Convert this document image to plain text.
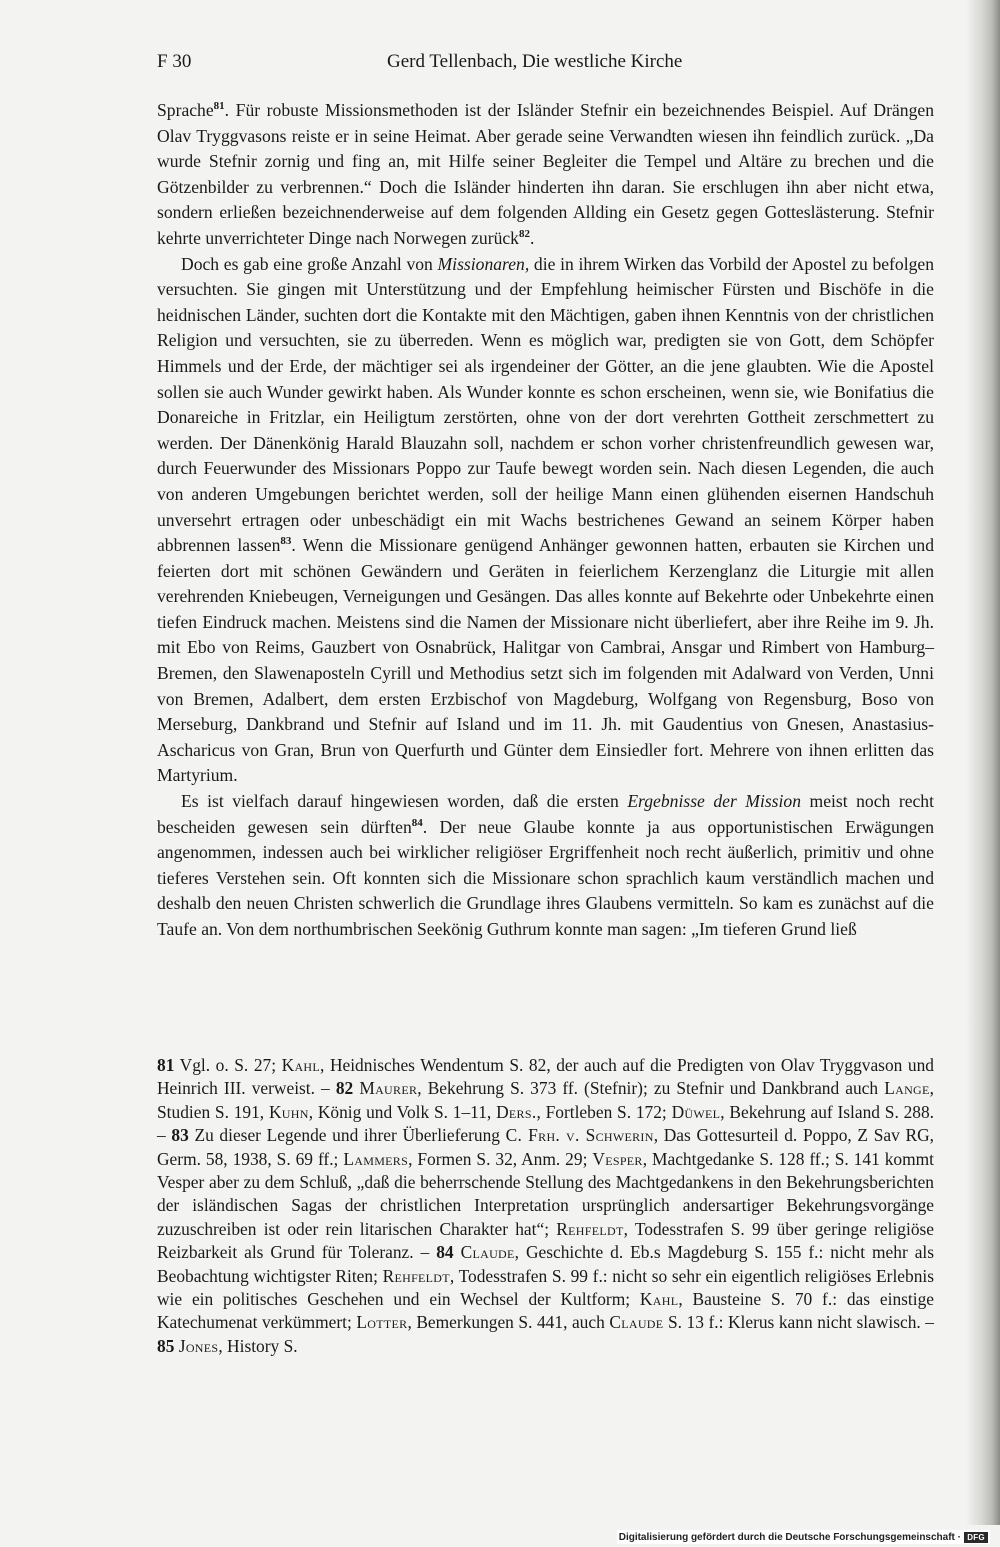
F 30	Gerd Tellenbach, Die westliche Kirche

Sprache$^{81}$. Für robuste Missionsmethoden ist der Isländer Stefnir ein bezeichnendes Beispiel. Auf Drängen Olav Tryggvasons reiste er in seine Heimat. Aber gerade seine Verwandten wiesen ihn feindlich zurück. „Da wurde Stefnir zornig und fing an, mit Hilfe seiner Begleiter die Tempel und Altäre zu brechen und die Götzenbilder zu verbrennen.“ Doch die Isländer hinderten ihn daran. Sie erschlugen ihn aber nicht etwa, sondern erließen bezeichnenderweise auf dem folgenden Allding ein Gesetz gegen Gotteslästerung. Stefnir kehrte unverrichteter Dinge nach Norwegen zurück$^{82}$.

Doch es gab eine große Anzahl von Missionaren, die in ihrem Wirken das Vorbild der Apostel zu befolgen versuchten. Sie gingen mit Unterstützung und der Empfehlung heimischer Fürsten und Bischöfe in die heidnischen Länder, suchten dort die Kontakte mit den Mächtigen, gaben ihnen Kenntnis von der christlichen Religion und versuchten, sie zu überreden. Wenn es möglich war, predigten sie von Gott, dem Schöpfer Himmels und der Erde, der mächtiger sei als irgendeiner der Götter, an die jene glaubten. Wie die Apostel sollen sie auch Wunder gewirkt haben. Als Wunder konnte es schon erscheinen, wenn sie, wie Bonifatius die Donareiche in Fritzlar, ein Heiligtum zerstörten, ohne von der dort verehrten Gottheit zerschmettert zu werden. Der Dänenkönig Harald Blauzahn soll, nachdem er schon vorher christenfreundlich gewesen war, durch Feuerwunder des Missionars Poppo zur Taufe bewegt worden sein. Nach diesen Legenden, die auch von anderen Umgebungen berichtet werden, soll der heilige Mann einen glühenden eisernen Handschuh unversehrt ertragen oder unbeschädigt ein mit Wachs bestrichenes Gewand an seinem Körper haben abbrennen lassen$^{83}$. Wenn die Missionare genügend Anhänger gewonnen hatten, erbauten sie Kirchen und feierten dort mit schönen Gewändern und Geräten in feierlichem Kerzenglanz die Liturgie mit allen verehrenden Kniebeugen, Verneigungen und Gesängen. Das alles konnte auf Bekehrte oder Unbekehrte einen tiefen Eindruck machen. Meistens sind die Namen der Missionare nicht überliefert, aber ihre Reihe im 9. Jh. mit Ebo von Reims, Gauzbert von Osnabrück, Halitgar von Cambrai, Ansgar und Rimbert von Hamburg–Bremen, den Slawenaposteln Cyrill und Methodius setzt sich im folgenden mit Adalward von Verden, Unni von Bremen, Adalbert, dem ersten Erzbischof von Magdeburg, Wolfgang von Regensburg, Boso von Merseburg, Dankbrand und Stefnir auf Island und im 11. Jh. mit Gaudentius von Gnesen, Anastasius-Ascharicus von Gran, Brun von Querfurth und Günter dem Einsiedler fort. Mehrere von ihnen erlitten das Martyrium.

Es ist vielfach darauf hingewiesen worden, daß die ersten Ergebnisse der Mission meist noch recht bescheiden gewesen sein dürften$^{84}$. Der neue Glaube konnte ja aus opportunistischen Erwägungen angenommen, indessen auch bei wirklicher religiöser Ergriffenheit noch recht äußerlich, primitiv und ohne tieferes Verstehen sein. Oft konnten sich die Missionare schon sprachlich kaum verständlich machen und deshalb den neuen Christen schwerlich die Grundlage ihres Glaubens vermitteln. So kam es zunächst auf die Taufe an. Von dem northumbrischen Seekönig Guthrum konnte man sagen: „Im tieferen Grund ließ

81 Vgl. o. S. 27; Kahl, Heidnisches Wendentum S. 82, der auch auf die Predigten von Olav Tryggvason und Heinrich III. verweist. – 82 Maurer, Bekehrung S. 373 ff. (Stefnir); zu Stefnir und Dankbrand auch Lange, Studien S. 191, Kuhn, König und Volk S. 1–11, Ders., Fortleben S. 172; Düwel, Bekehrung auf Island S. 288. – 83 Zu dieser Legende und ihrer Überlieferung C. Frh. v. Schwerin, Das Gottesurteil d. Poppo, Z Sav RG, Germ. 58, 1938, S. 69 ff.; Lammers, Formen S. 32, Anm. 29; Vesper, Machtgedanke S. 128 ff.; S. 141 kommt Vesper aber zu dem Schluß, „daß die beherrschende Stellung des Machtgedankens in den Bekehrungsberichten der isländischen Sagas der christlichen Interpretation ursprünglich andersartiger Bekehrungsvorgänge zuzuschreiben ist oder rein litarischen Charakter hat“; Rehfeldt, Todesstrafen S. 99 über geringe religiöse Reizbarkeit als Grund für Toleranz. – 84 Claude, Geschichte d. Eb.s Magdeburg S. 155 f.: nicht mehr als Beobachtung wichtigster Riten; Rehfeldt, Todesstrafen S. 99 f.: nicht so sehr ein eigentlich religiöses Erlebnis wie ein politisches Geschehen und ein Wechsel der Kultform; Kahl, Bausteine S. 70 f.: das einstige Katechumenat verkümmert; Lotter, Bemerkungen S. 441, auch Claude S. 13 f.: Klerus kann nicht slawisch. – 85 Jones, History S.

Digitalisierung gefördert durch die Deutsche Forschungsgemeinschaft · DFG
